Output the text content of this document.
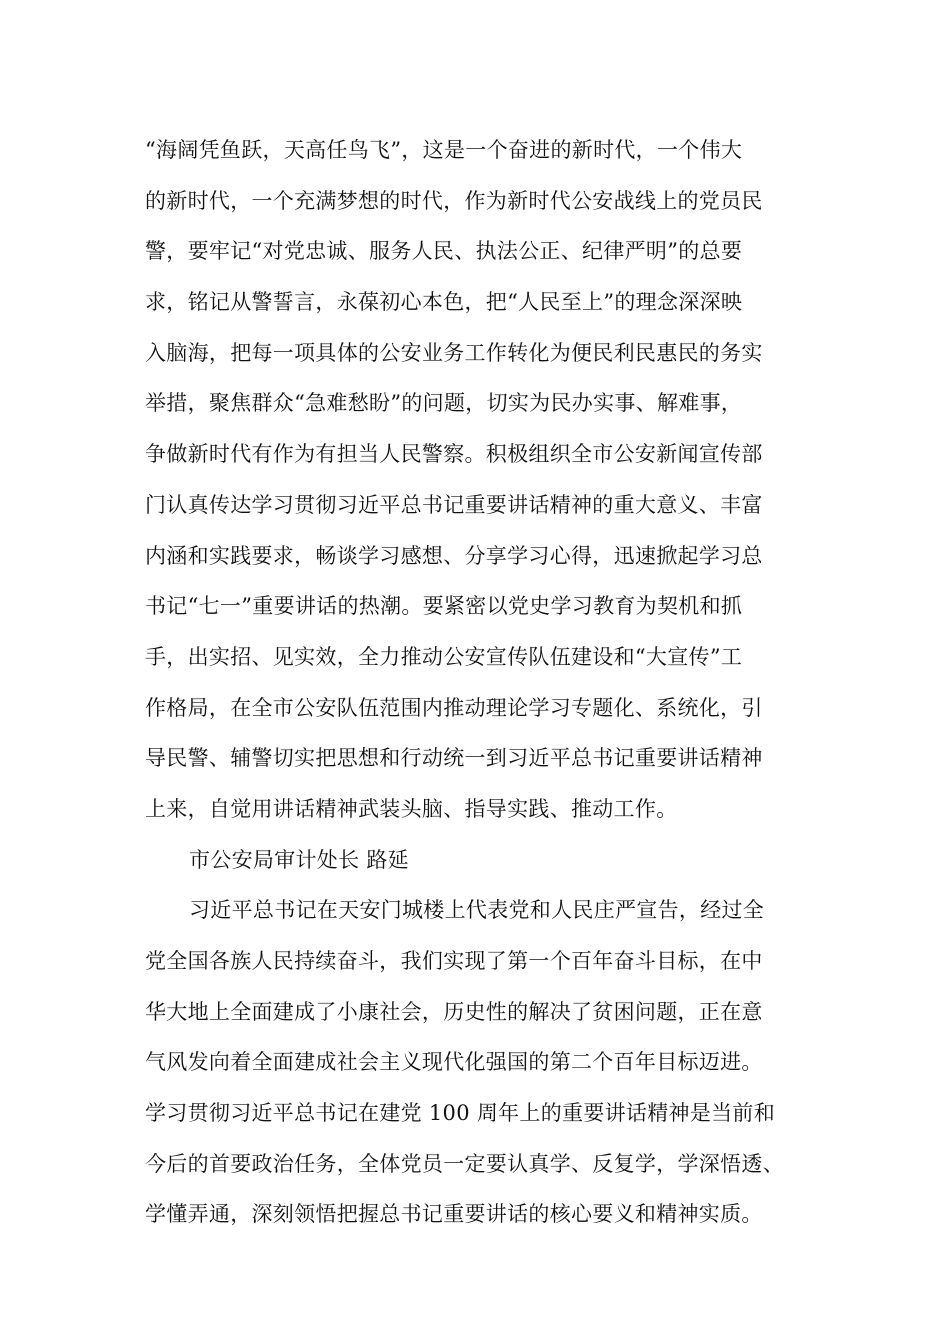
“海阔凭鱼跃，天高任鸟飞”，这是一个奋进的新时代，一个伟大
的新时代，一个充满梦想的时代，作为新时代公安战线上的党员民
警，要牢记“对党忠诚、服务人民、执法公正、纪律严明”的总要
求，铭记从警誓言，永葆初心本色，把“人民至上”的理念深深映
入脑海，把每一项具体的公安业务工作转化为便民利民惠民的务实
举措，聚焦群众“急难愁盼”的问题，切实为民办实事、解难事，
争做新时代有作为有担当人民警察。积极组织全市公安新闻宣传部
门认真传达学习贯彻习近平总书记重要讲话精神的重大意义、丰富
内涵和实践要求，畅谈学习感想、分享学习心得，迅速掀起学习总
书记“七一”重要讲话的热潮。要紧密以党史学习教育为契机和抓
手，出实招、见实效，全力推动公安宣传队伍建设和“大宣传”工
作格局，在全市公安队伍范围内推动理论学习专题化、系统化，引
导民警、辅警切实把思想和行动统一到习近平总书记重要讲话精神
上来，自觉用讲话精神武装头脑、指导实践、推动工作。
市公安局审计处长 路延
习近平总书记在天安门城楼上代表党和人民庄严宣告，经过全
党全国各族人民持续奋斗，我们实现了第一个百年奋斗目标，在中
华大地上全面建成了小康社会，历史性的解决了贫困问题，正在意
气风发向着全面建成社会主义现代化强国的第二个百年目标迈进。
学习贯彻习近平总书记在建党 100 周年上的重要讲话精神是当前和
今后的首要政治任务，全体党员一定要认真学、反复学，学深悟透、
学懂弄通，深刻领悟把握总书记重要讲话的核心要义和精神实质。
